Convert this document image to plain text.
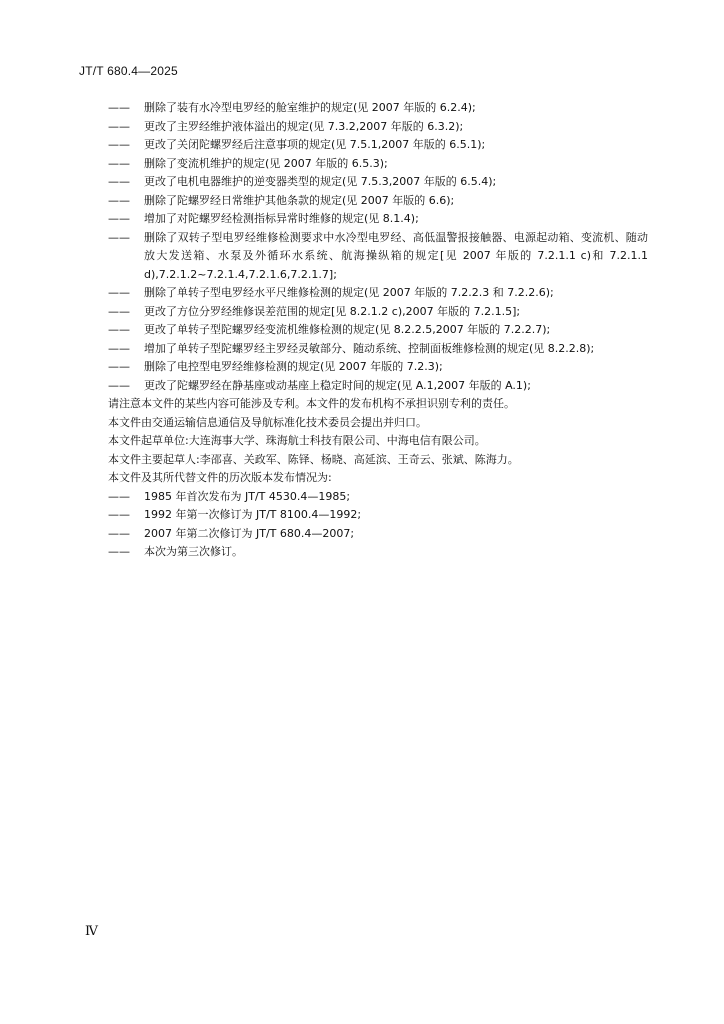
JT/T 680.4—2025

——	删除了装有水冷型电罗经的舱室维护的规定(见 2007 年版的 6.2.4);

——	更改了主罗经维护液体溢出的规定(见 7.3.2,2007 年版的 6.3.2);

——	更改了关闭陀螺罗经后注意事项的规定(见 7.5.1,2007 年版的 6.5.1);

——	删除了变流机维护的规定(见 2007 年版的 6.5.3);

——	更改了电机电器维护的逆变器类型的规定(见 7.5.3,2007 年版的 6.5.4);

——	删除了陀螺罗经日常维护其他条款的规定(见 2007 年版的 6.6);

——	增加了对陀螺罗经检测指标异常时维修的规定(见 8.1.4);

——	删除了双转子型电罗经维修检测要求中水冷型电罗经、高低温警报接触器、电源起动箱、变流机、随动放大发送箱、水泵及外循环水系统、航海操纵箱的规定[见 2007 年版的 7.2.1.1 c)和 7.2.1.1 d),7.2.1.2~7.2.1.4,7.2.1.6,7.2.1.7];

——	删除了单转子型电罗经水平尺维修检测的规定(见 2007 年版的 7.2.2.3 和 7.2.2.6);

——	更改了方位分罗经维修误差范围的规定[见 8.2.1.2 c),2007 年版的 7.2.1.5];

——	更改了单转子型陀螺罗经变流机维修检测的规定(见 8.2.2.5,2007 年版的 7.2.2.7);

——	增加了单转子型陀螺罗经主罗经灵敏部分、随动系统、控制面板维修检测的规定(见 8.2.2.8);

——	删除了电控型电罗经维修检测的规定(见 2007 年版的 7.2.3);

——	更改了陀螺罗经在静基座或动基座上稳定时间的规定(见 A.1,2007 年版的 A.1);

请注意本文件的某些内容可能涉及专利。本文件的发布机构不承担识别专利的责任。

本文件由交通运输信息通信及导航标准化技术委员会提出并归口。

本文件起草单位:大连海事大学、珠海航士科技有限公司、中海电信有限公司。

本文件主要起草人:李邵喜、关政军、陈铎、杨晓、高延滨、王奇云、张斌、陈海力。

本文件及其所代替文件的历次版本发布情况为:

——	1985 年首次发布为 JT/T 4530.4—1985;

——	1992 年第一次修订为 JT/T 8100.4—1992;

——	2007 年第二次修订为 JT/T 680.4—2007;

——	本次为第三次修订。

Ⅳ
